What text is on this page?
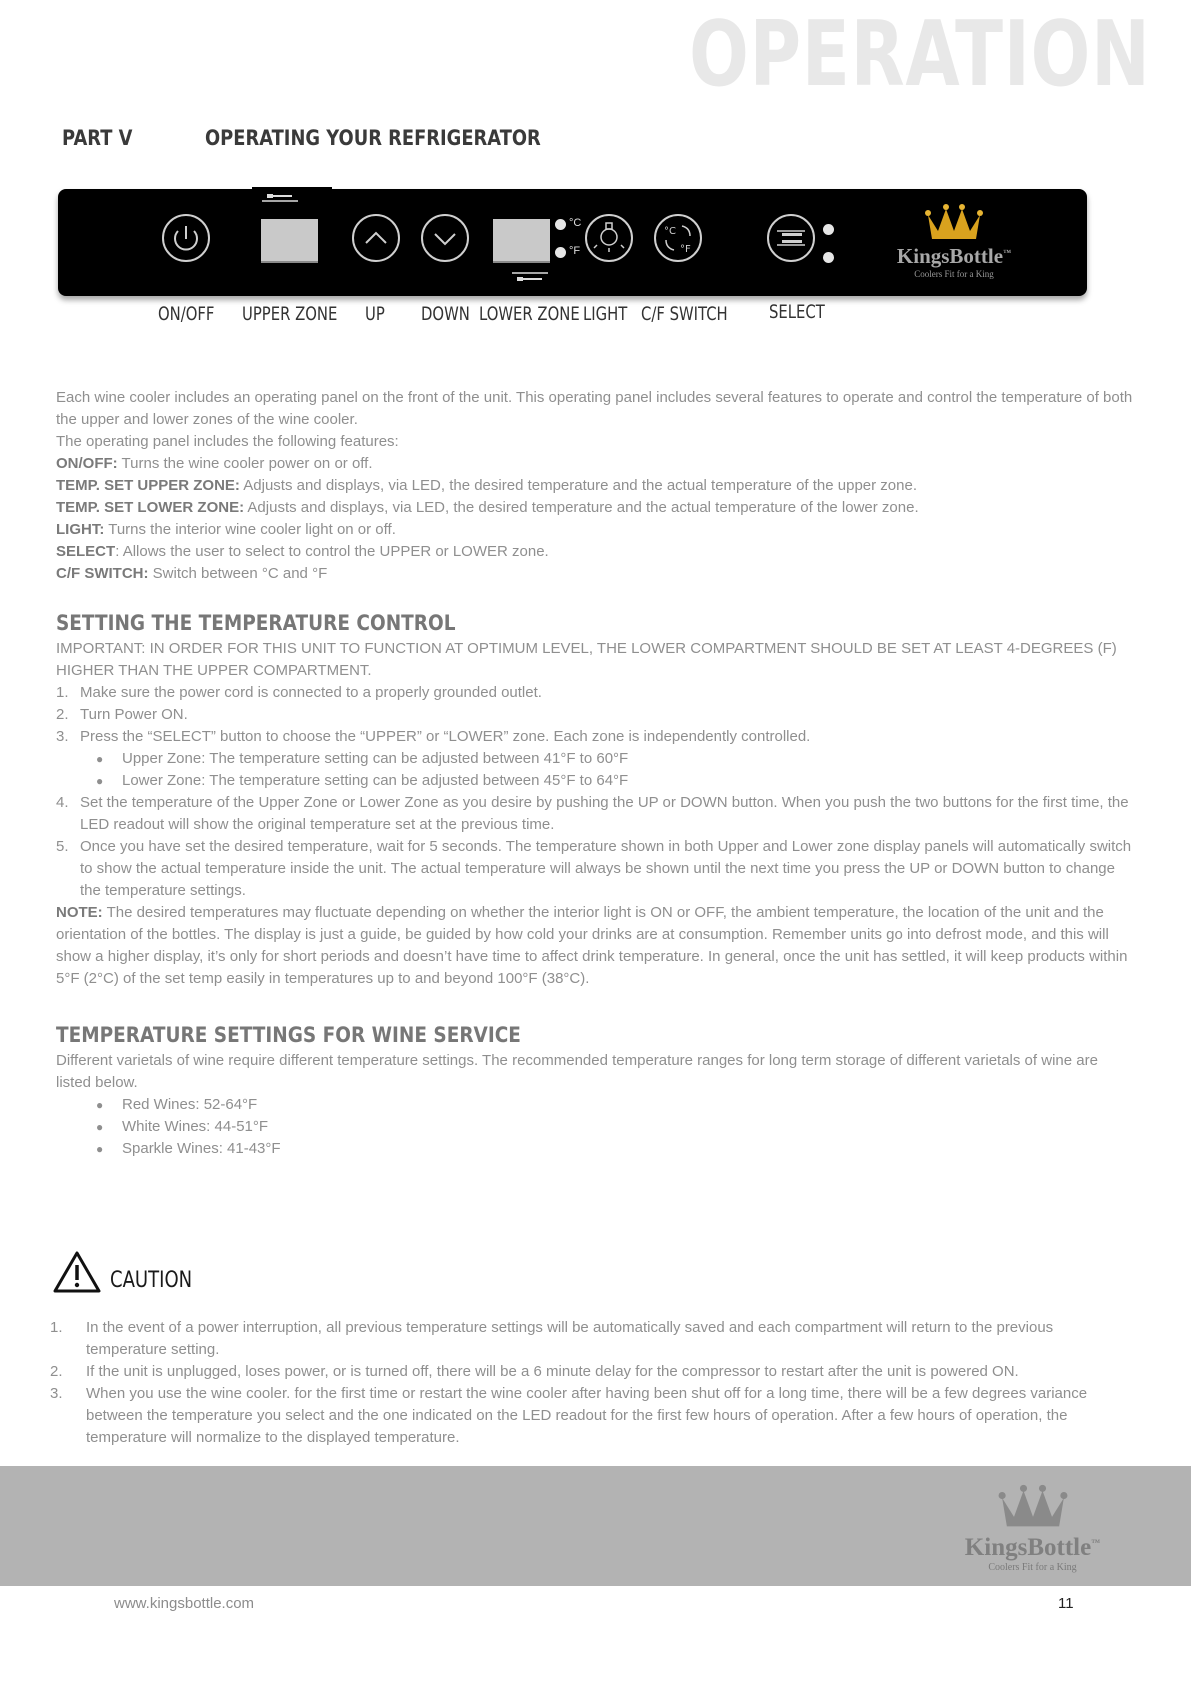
OPERATION
PART V	OPERATING YOUR REFRIGERATOR
°C
°F
°C
°F	KingsBottle™
Coolers Fit for a King
ON/OFF UPPER ZONE UP DOWN LOWER ZONE LIGHT C/F SWITCH SELECT

Each wine cooler includes an operating panel on the front of the unit. This operating panel includes several features to operate and control the temperature of both the upper and lower zones of the wine cooler.

The operating panel includes the following features:

ON/OFF: Turns the wine cooler power on or off.

TEMP. SET UPPER ZONE: Adjusts and displays, via LED, the desired temperature and the actual temperature of the upper zone.

TEMP. SET LOWER ZONE: Adjusts and displays, via LED, the desired temperature and the actual temperature of the lower zone.

LIGHT: Turns the interior wine cooler light on or off.

SELECT: Allows the user to select to control the UPPER or LOWER zone.

C/F SWITCH: Switch between °C and °F

SETTING THE TEMPERATURE CONTROL

IMPORTANT: IN ORDER FOR THIS UNIT TO FUNCTION AT OPTIMUM LEVEL, THE LOWER COMPARTMENT SHOULD BE SET AT LEAST 4-DEGREES (F) HIGHER THAN THE UPPER COMPARTMENT.

1. Make sure the power cord is connected to a properly grounded outlet.
2. Turn Power ON.
3. Press the “SELECT” button to choose the “UPPER” or “LOWER” zone. Each zone is independently controlled.
●	Upper Zone: The temperature setting can be adjusted between 41°F to 60°F
●	Lower Zone: The temperature setting can be adjusted between 45°F to 64°F
4. Set the temperature of the Upper Zone or Lower Zone as you desire by pushing the UP or DOWN button. When you push the two buttons for the first time, the LED readout will show the original temperature set at the previous time.
5. Once you have set the desired temperature, wait for 5 seconds. The temperature shown in both Upper and Lower zone display panels will automatically switch to show the actual temperature inside the unit. The actual temperature will always be shown until the next time you press the UP or DOWN button to change the temperature settings.

NOTE: The desired temperatures may fluctuate depending on whether the interior light is ON or OFF, the ambient temperature, the location of the unit and the orientation of the bottles. The display is just a guide, be guided by how cold your drinks are at consumption. Remember units go into defrost mode, and this will show a higher display, it’s only for short periods and doesn’t have time to affect drink temperature. In general, once the unit has settled, it will keep products within 5°F (2°C) of the set temp easily in temperatures up to and beyond 100°F (38°C).

TEMPERATURE SETTINGS FOR WINE SERVICE

Different varietals of wine require different temperature settings. The recommended temperature ranges for long term storage of different varietals of wine are listed below.

●	Red Wines: 52-64°F
●	White Wines: 44-51°F
●	Sparkle Wines: 41-43°F
CAUTION
1.	In the event of a power interruption, all previous temperature settings will be automatically saved and each compartment will return to the previous temperature setting.
2.	If the unit is unplugged, loses power, or is turned off, there will be a 6 minute delay for the compressor to restart after the unit is powered ON.
3.	When you use the wine cooler. for the first time or restart the wine cooler after having been shut off for a long time, there will be a few degrees variance between the temperature you select and the one indicated on the LED readout for the first few hours of operation. After a few hours of operation, the temperature will normalize to the displayed temperature.
KingsBottle™
Coolers Fit for a King
www.kingsbottle.com	11
